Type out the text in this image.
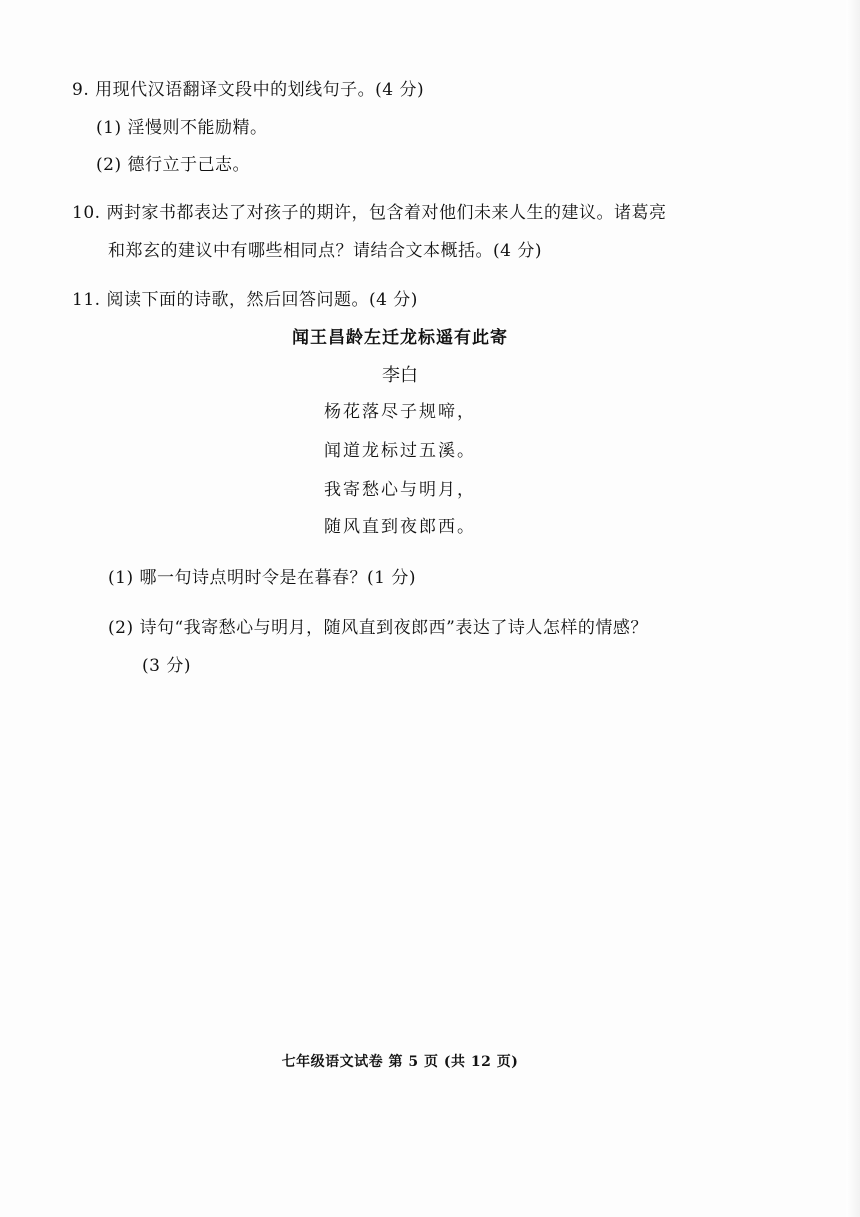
9. 用现代汉语翻译文段中的划线句子。(4 分)
(1) 淫慢则不能励精。
(2) 德行立于己志。
10. 两封家书都表达了对孩子的期许，包含着对他们未来人生的建议。诸葛亮
和郑玄的建议中有哪些相同点？请结合文本概括。(4 分)
11. 阅读下面的诗歌，然后回答问题。(4 分)
闻王昌龄左迁龙标遥有此寄
李白
杨花落尽子规啼，
闻道龙标过五溪。
我寄愁心与明月，
随风直到夜郎西。
(1) 哪一句诗点明时令是在暮春？(1 分)
(2) 诗句“我寄愁心与明月，随风直到夜郎西”表达了诗人怎样的情感？
(3 分)
七年级语文试卷 第 5 页 (共 12 页)
